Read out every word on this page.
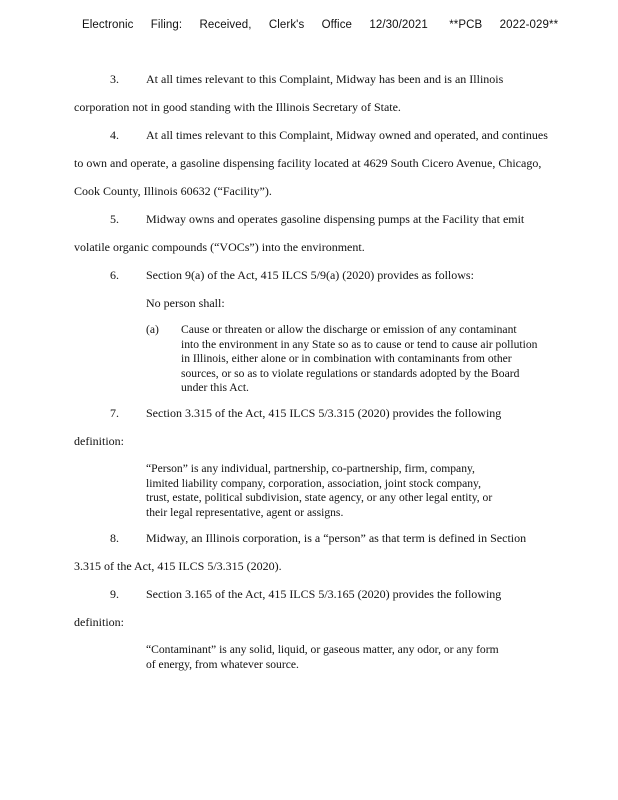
Electronic Filing: Received, Clerk's Office 12/30/2021 **PCB 2022-029**
3. At all times relevant to this Complaint, Midway has been and is an Illinois
corporation not in good standing with the Illinois Secretary of State.
4. At all times relevant to this Complaint, Midway owned and operated, and continues
to own and operate, a gasoline dispensing facility located at 4629 South Cicero Avenue, Chicago,
Cook County, Illinois 60632 (“Facility”).
5. Midway owns and operates gasoline dispensing pumps at the Facility that emit
volatile organic compounds (“VOCs”) into the environment.
6. Section 9(a) of the Act, 415 ILCS 5/9(a) (2020) provides as follows:
No person shall:
(a) Cause or threaten or allow the discharge or emission of any contaminant
into the environment in any State so as to cause or tend to cause air pollution
in Illinois, either alone or in combination with contaminants from other
sources, or so as to violate regulations or standards adopted by the Board
under this Act.
7. Section 3.315 of the Act, 415 ILCS 5/3.315 (2020) provides the following
definition:
“Person” is any individual, partnership, co-partnership, firm, company,
limited liability company, corporation, association, joint stock company,
trust, estate, political subdivision, state agency, or any other legal entity, or
their legal representative, agent or assigns.
8. Midway, an Illinois corporation, is a “person” as that term is defined in Section
3.315 of the Act, 415 ILCS 5/3.315 (2020).
9. Section 3.165 of the Act, 415 ILCS 5/3.165 (2020) provides the following
definition:
“Contaminant” is any solid, liquid, or gaseous matter, any odor, or any form
of energy, from whatever source.
